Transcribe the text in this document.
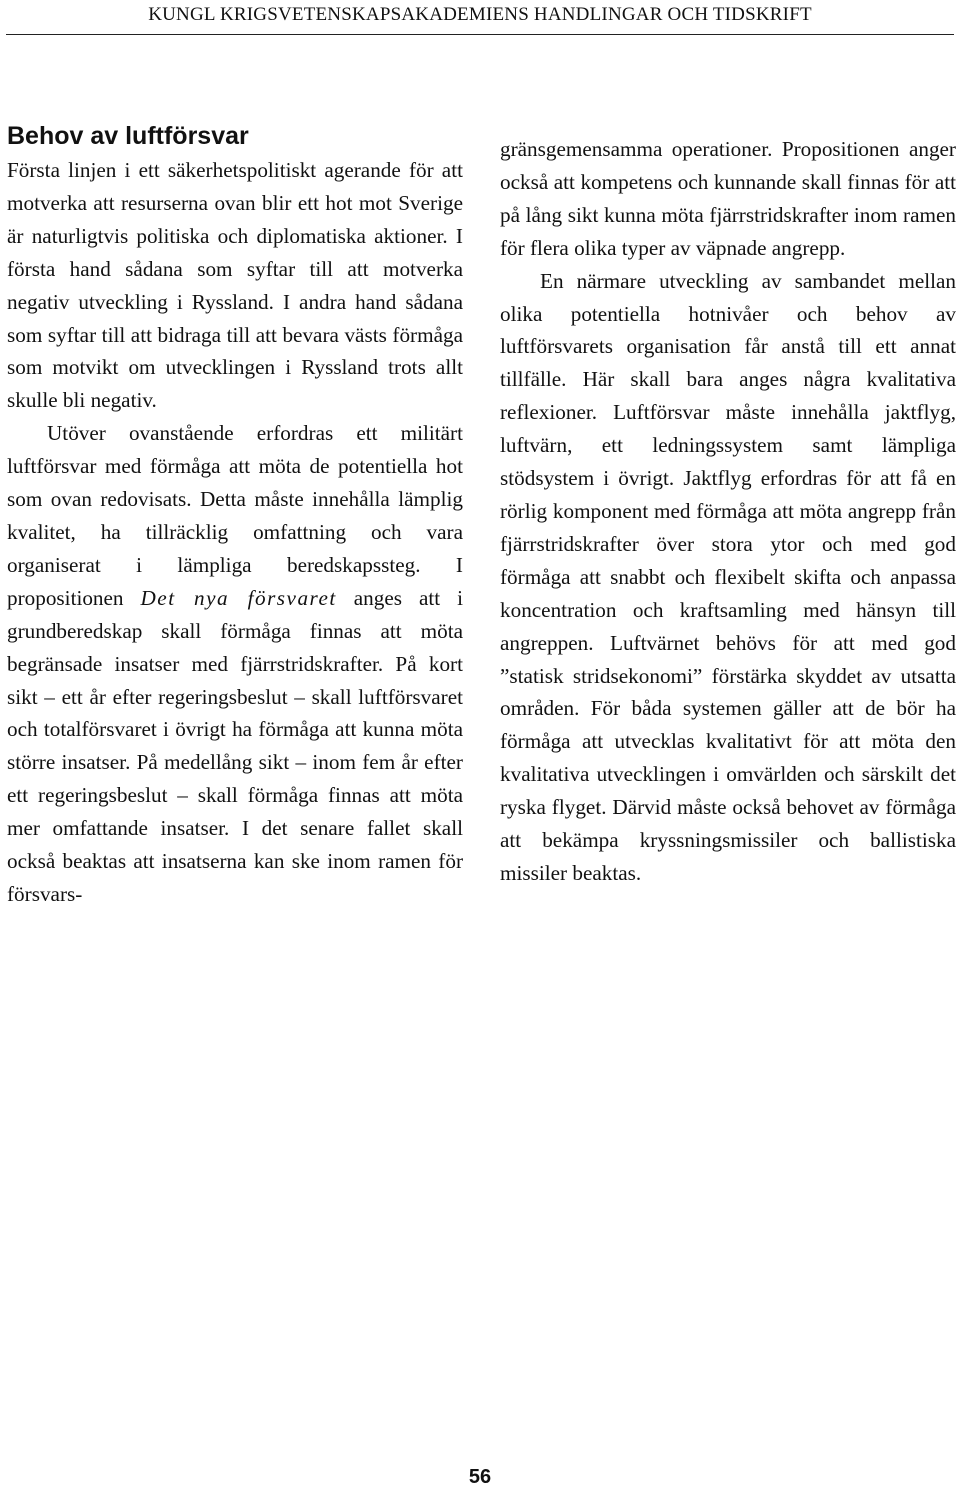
KUNGL KRIGSVETENSKAPSAKADEMIENS HANDLINGAR OCH TIDSKRIFT
Behov av luftförsvar

Första linjen i ett säkerhetspolitiskt agerande för att motverka att resurserna ovan blir ett hot mot Sverige är naturligtvis politiska och diplomatiska aktioner. I första hand sådana som syftar till att motverka negativ utveckling i Ryssland. I andra hand sådana som syftar till att bidraga till att bevara västs förmåga som motvikt om utvecklingen i Ryssland trots allt skulle bli negativ.

Utöver ovanstående erfordras ett militärt luftförsvar med förmåga att möta de potentiella hot som ovan redovisats. Detta måste innehålla lämplig kvalitet, ha tillräcklig omfattning och vara organiserat i lämpliga beredskapssteg. I propositionen Det nya försvaret anges att i grundberedskap skall förmåga finnas att möta begränsade insatser med fjärrstridskrafter. På kort sikt – ett år efter regeringsbeslut – skall luftförsvaret och totalförsvaret i övrigt ha förmåga att kunna möta större insatser. På medellång sikt – inom fem år efter ett regeringsbeslut – skall förmåga finnas att möta mer omfattande insatser. I det senare fallet skall också beaktas att insatserna kan ske inom ramen för försvars-

gränsgemensamma operationer. Propositionen anger också att kompetens och kunnande skall finnas för att på lång sikt kunna möta fjärrstridskrafter inom ramen för flera olika typer av väpnade angrepp.

En närmare utveckling av sambandet mellan olika potentiella hotnivåer och behov av luftförsvarets organisation får anstå till ett annat tillfälle. Här skall bara anges några kvalitativa reflexioner. Luftförsvar måste innehålla jaktflyg, luftvärn, ett ledningssystem samt lämpliga stödsystem i övrigt. Jaktflyg erfordras för att få en rörlig komponent med förmåga att möta angrepp från fjärrstridskrafter över stora ytor och med god förmåga att snabbt och flexibelt skifta och anpassa koncentration och kraftsamling med hänsyn till angreppen. Luftvärnet behövs för att med god ”statisk stridsekonomi” förstärka skyddet av utsatta områden. För båda systemen gäller att de bör ha förmåga att utvecklas kvalitativt för att möta den kvalitativa utvecklingen i omvärlden och särskilt det ryska flyget. Därvid måste också behovet av förmåga att bekämpa kryssningsmissiler och ballistiska missiler beaktas.

56
